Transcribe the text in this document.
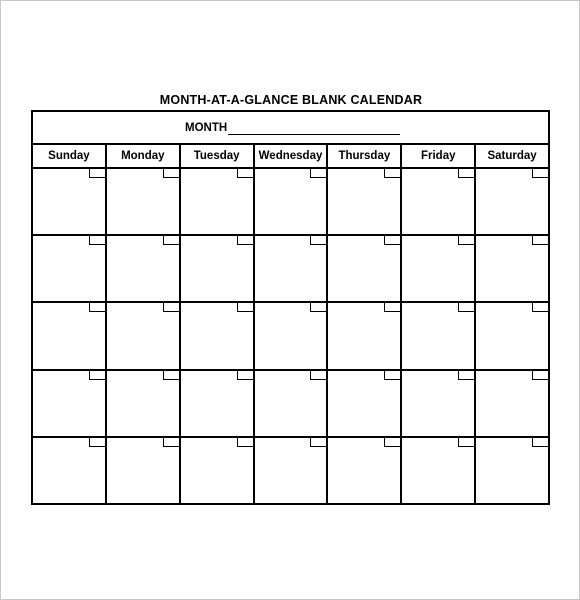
MONTH-AT-A-GLANCE BLANK CALENDAR
MONTH
Sunday	Monday	Tuesday	Wednesday	Thursday	Friday	Saturday
